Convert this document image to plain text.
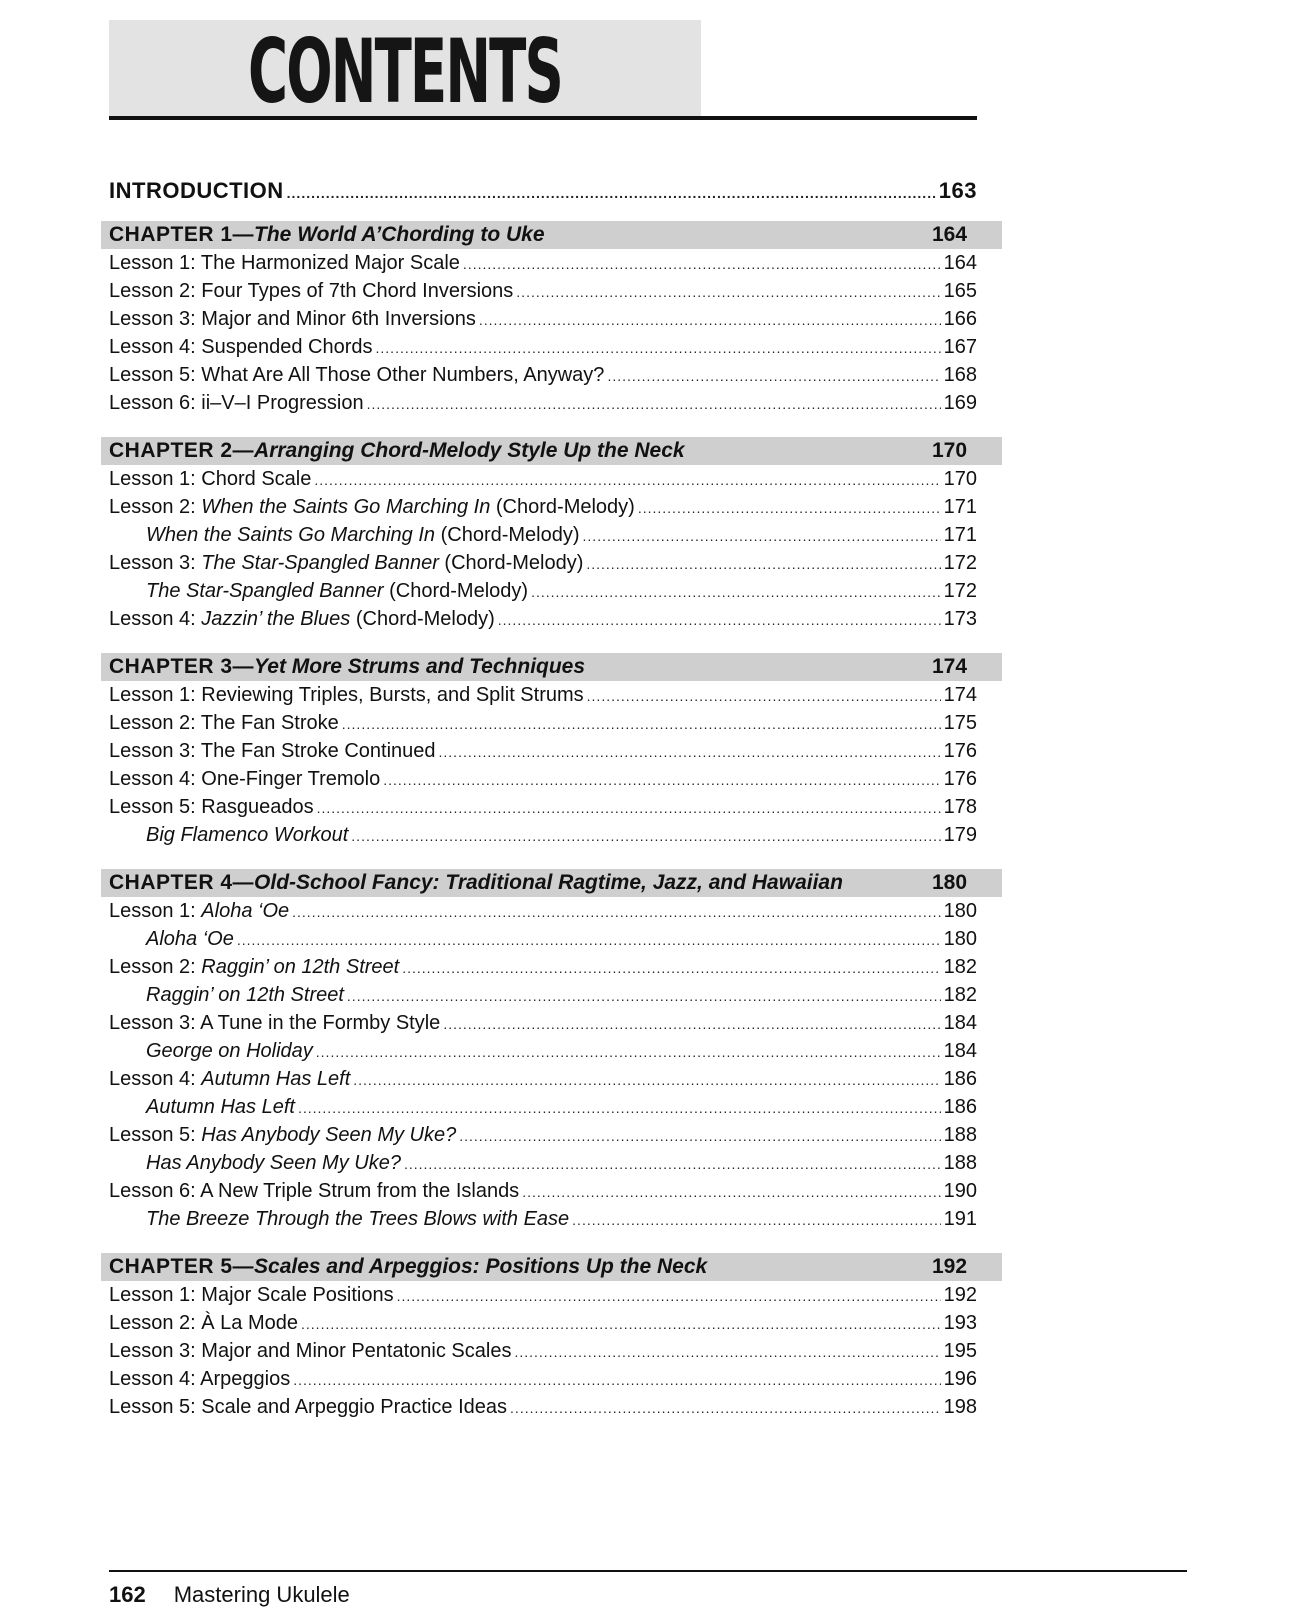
CONTENTS
INTRODUCTION .....	163
CHAPTER 1— The World A’Chording to Uke	164
Lesson 1: The Harmonized Major Scale .....	164
Lesson 2: Four Types of 7th Chord Inversions .....	165
Lesson 3: Major and Minor 6th Inversions .....	166
Lesson 4: Suspended Chords .....	167
Lesson 5: What Are All Those Other Numbers, Anyway? .....	168
Lesson 6: ii–V–I Progression .....	169
CHAPTER 2— Arranging Chord-Melody Style Up the Neck	170
Lesson 1: Chord Scale .....	170
Lesson 2: When the Saints Go Marching In (Chord-Melody) .....	171
When the Saints Go Marching In (Chord-Melody) .....	171
Lesson 3: The Star-Spangled Banner (Chord-Melody) .....	172
The Star-Spangled Banner (Chord-Melody) .....	172
Lesson 4: Jazzin’ the Blues (Chord-Melody) .....	173
CHAPTER 3— Yet More Strums and Techniques	174
Lesson 1: Reviewing Triples, Bursts, and Split Strums .....	174
Lesson 2: The Fan Stroke .....	175
Lesson 3: The Fan Stroke Continued .....	176
Lesson 4: One-Finger Tremolo .....	176
Lesson 5: Rasgueados .....	178
Big Flamenco Workout .....	179
CHAPTER 4— Old-School Fancy: Traditional Ragtime, Jazz, and Hawaiian	180
Lesson 1: Aloha ‘Oe .....	180
Aloha ‘Oe .....	180
Lesson 2: Raggin’ on 12th Street .....	182
Raggin’ on 12th Street .....	182
Lesson 3: A Tune in the Formby Style .....	184
George on Holiday .....	184
Lesson 4: Autumn Has Left .....	186
Autumn Has Left .....	186
Lesson 5: Has Anybody Seen My Uke? .....	188
Has Anybody Seen My Uke? .....	188
Lesson 6: A New Triple Strum from the Islands .....	190
The Breeze Through the Trees Blows with Ease .....	191
CHAPTER 5— Scales and Arpeggios: Positions Up the Neck	192
Lesson 1: Major Scale Positions .....	192
Lesson 2: À La Mode .....	193
Lesson 3: Major and Minor Pentatonic Scales .....	195
Lesson 4: Arpeggios .....	196
Lesson 5: Scale and Arpeggio Practice Ideas .....	198
162 Mastering Ukulele
